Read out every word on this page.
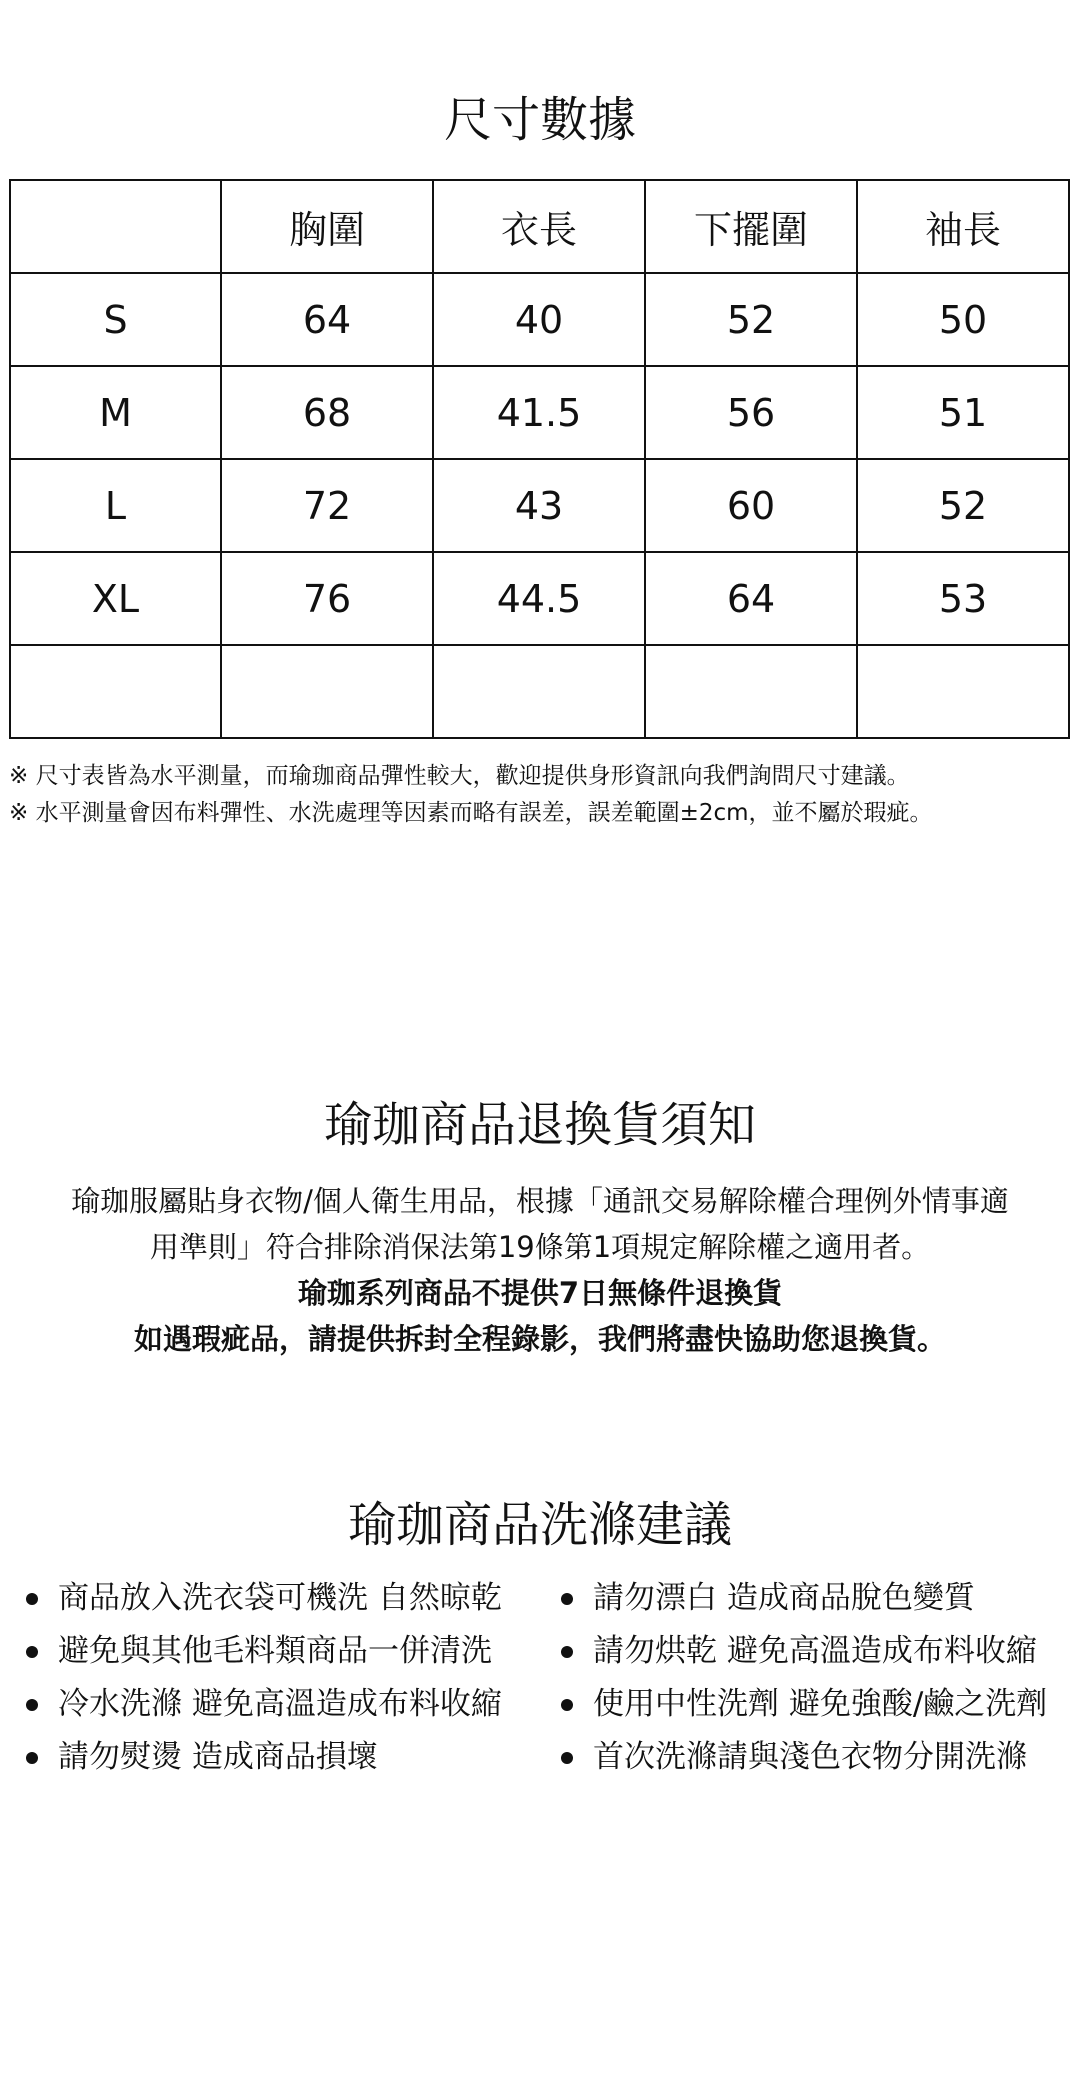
尺寸數據
	胸圍	衣長	下擺圍	袖長
S	64	40	52	50
M	68	41.5	56	51
L	72	43	60	52
XL	76	44.5	64	53

※ 尺寸表皆為水平測量，而瑜珈商品彈性較大，歡迎提供身形資訊向我們詢問尺寸建議。

※ 水平測量會因布料彈性、水洗處理等因素而略有誤差，誤差範圍±2cm，並不屬於瑕疵。

瑜珈商品退換貨須知

瑜珈服屬貼身衣物/個人衛生用品，根據「通訊交易解除權合理例外情事適

用準則」符合排除消保法第19條第1項規定解除權之適用者。

瑜珈系列商品不提供7日無條件退換貨

如遇瑕疵品，請提供拆封全程錄影，我們將盡快協助您退換貨。

瑜珈商品洗滌建議
商品放入洗衣袋可機洗 自然晾乾
避免與其他毛料類商品一併清洗
冷水洗滌 避免高溫造成布料收縮
請勿熨燙 造成商品損壞
請勿漂白 造成商品脫色變質
請勿烘乾 避免高溫造成布料收縮
使用中性洗劑 避免強酸/鹼之洗劑
首次洗滌請與淺色衣物分開洗滌
